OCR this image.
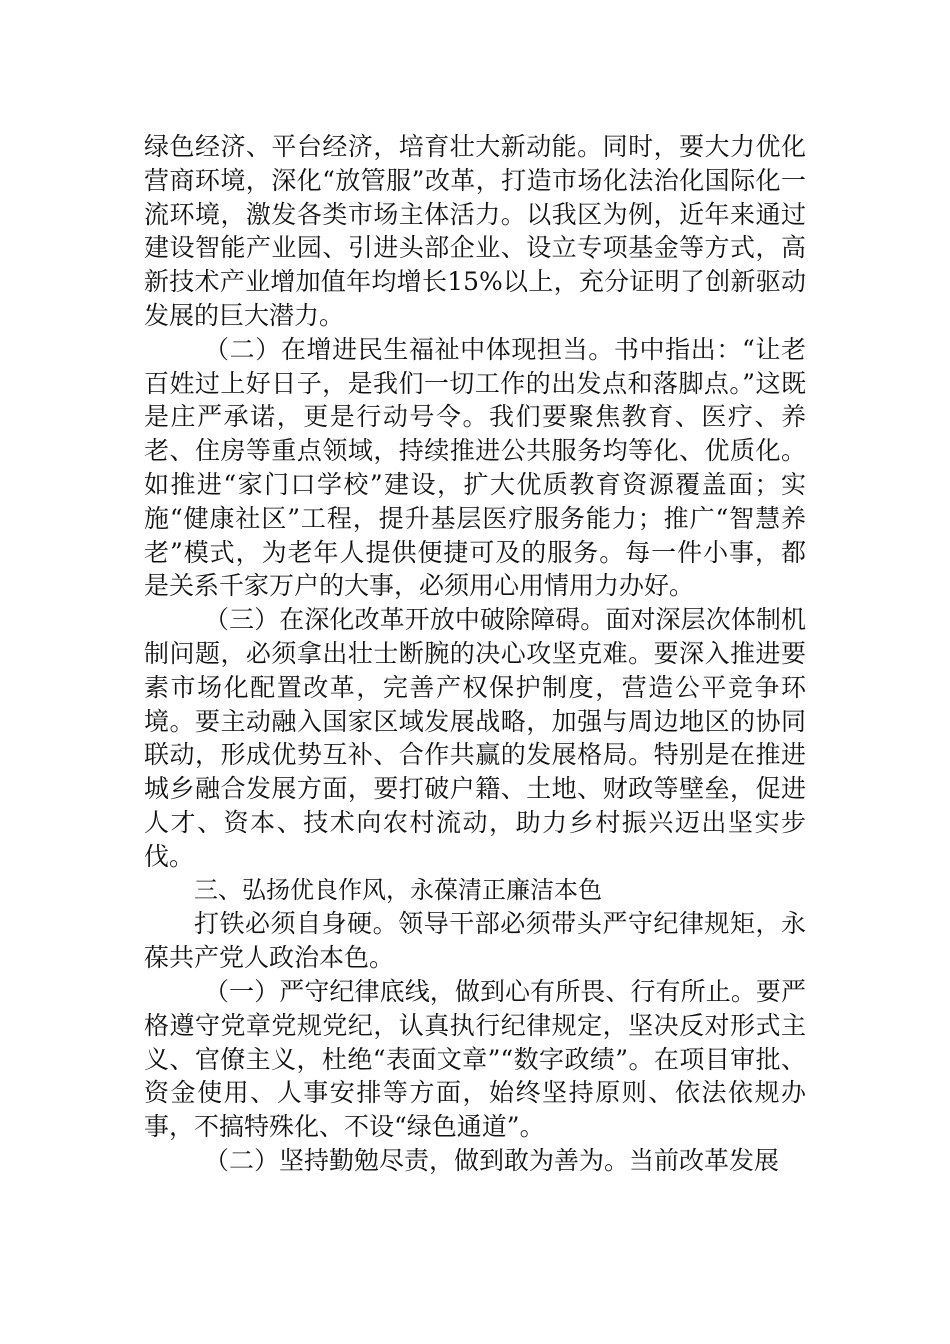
绿色经济、平台经济，培育壮大新动能。同时，要大力优化营商环境，深化“放管服”改革，打造市场化法治化国际化一流环境，激发各类市场主体活力。以我区为例，近年来通过建设智能产业园、引进头部企业、设立专项基金等方式，高新技术产业增加值年均增长15%以上，充分证明了创新驱动发展的巨大潜力。

（二）在增进民生福祉中体现担当。书中指出：“让老百姓过上好日子，是我们一切工作的出发点和落脚点。”这既是庄严承诺，更是行动号令。我们要聚焦教育、医疗、养老、住房等重点领域，持续推进公共服务均等化、优质化。如推进“家门口学校”建设，扩大优质教育资源覆盖面；实施“健康社区”工程，提升基层医疗服务能力；推广“智慧养老”模式，为老年人提供便捷可及的服务。每一件小事，都是关系千家万户的大事，必须用心用情用力办好。

（三）在深化改革开放中破除障碍。面对深层次体制机制问题，必须拿出壮士断腕的决心攻坚克难。要深入推进要素市场化配置改革，完善产权保护制度，营造公平竞争环境。要主动融入国家区域发展战略，加强与周边地区的协同联动，形成优势互补、合作共赢的发展格局。特别是在推进城乡融合发展方面，要打破户籍、土地、财政等壁垒，促进人才、资本、技术向农村流动，助力乡村振兴迈出坚实步伐。

三、弘扬优良作风，永葆清正廉洁本色

打铁必须自身硬。领导干部必须带头严守纪律规矩，永葆共产党人政治本色。

（一）严守纪律底线，做到心有所畏、行有所止。要严格遵守党章党规党纪，认真执行纪律规定，坚决反对形式主义、官僚主义，杜绝“表面文章”“数字政绩”。在项目审批、资金使用、人事安排等方面，始终坚持原则、依法依规办事，不搞特殊化、不设“绿色通道”。

（二）坚持勤勉尽责，做到敢为善为。当前改革发展
